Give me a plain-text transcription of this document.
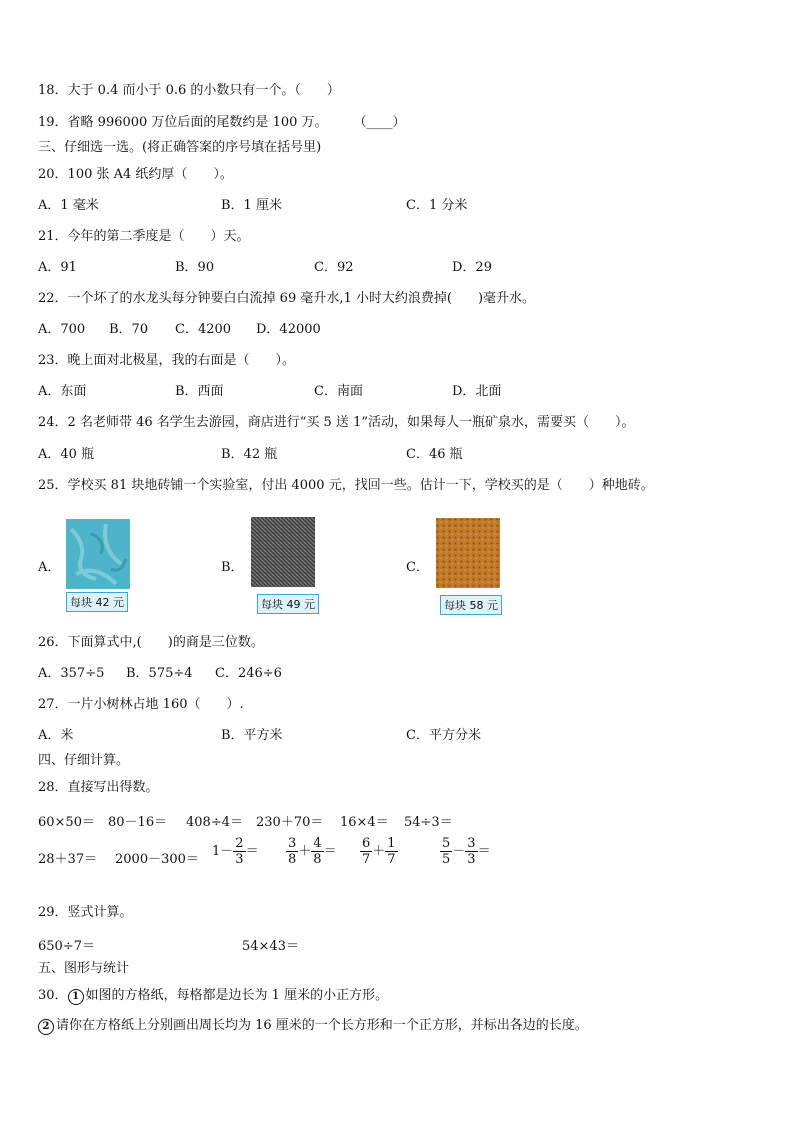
18．大于 0.4 而小于 0.6 的小数只有一个。（　　）
19．省略 996000 万位后面的尾数约是 100 万。　　　（____）
三、仔细选一选。(将正确答案的序号填在括号里)
20．100 张 A4 纸约厚（　　）。
A．1 毫米	B．1 厘米	C．1 分米
21．今年的第二季度是（　　）天。
A．91	B．90	C．92	D．29
22．一个坏了的水龙头每分钟要白白流掉 69 毫升水,1 小时大约浪费掉(　　)毫升水。
A．700 B．70 C．4200 D．42000
23．晚上面对北极星，我的右面是（　　）。
A．东面	B．西面	C．南面	D．北面
24．2 名老师带 46 名学生去游园，商店进行“买 5 送 1”活动，如果每人一瓶矿泉水，需要买（　　）。
A．40 瓶	B．42 瓶	C．46 瓶
25．学校买 81 块地砖铺一个实验室，付出 4000 元，找回一些。估计一下，学校买的是（　　）种地砖。
A．
每块 42 元
B．
每块 49 元
C．
每块 58 元
26．下面算式中,(　　)的商是三位数。
A．357÷5 B．575÷4 C．246÷6
27．一片小树林占地 160（　　）.
A．米	B．平方米	C．平方分米
四、仔细计算。
28．直接写出得数。
60×50＝ 80－16＝ 408÷4＝ 230＋70＝ 16×4＝ 54÷3＝
28＋37＝ 2000－300＝
$1- \frac{2}{3} = \frac{3}{8} + \frac{4}{8} = \frac{6}{7} + \frac{1}{7}$	$\frac{5}{5} - \frac{3}{3}$ ＝
29．竖式计算。
650÷7＝	54×43＝
五、图形与统计
30． 1 如图的方格纸，每格都是边长为 1 厘米的小正方形。
2 请你在方格纸上分别画出周长均为 16 厘米的一个长方形和一个正方形，并标出各边的长度。
